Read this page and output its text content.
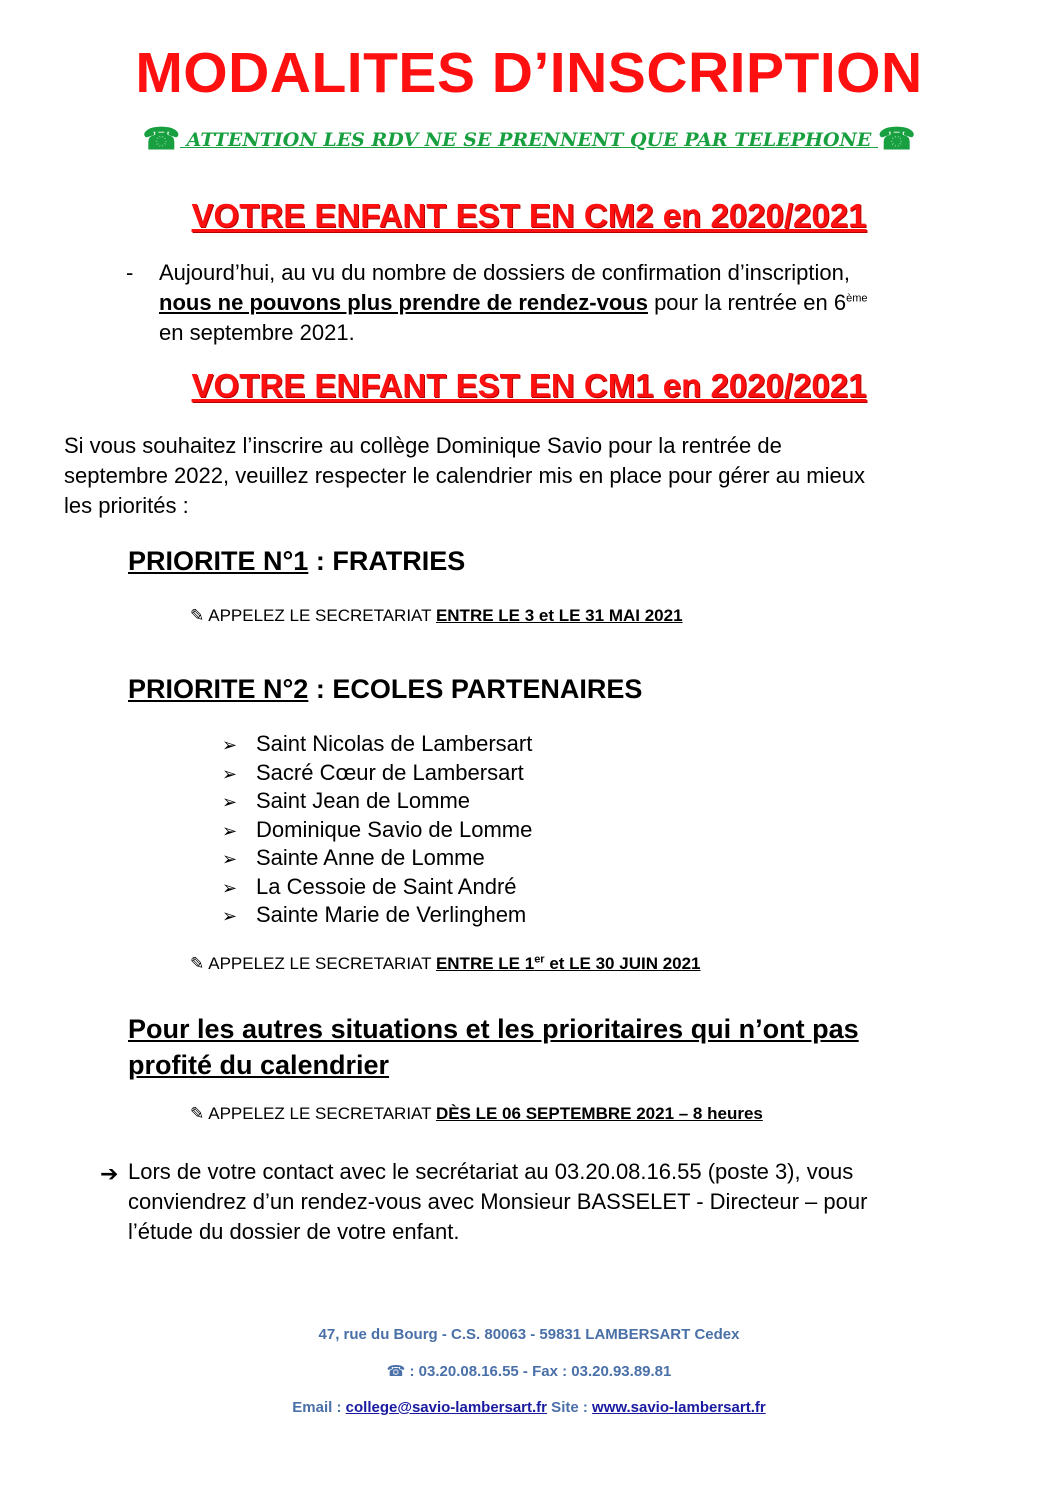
MODALITES D’INSCRIPTION
☎ ATTENTION LES RDV NE SE PRENNENT QUE PAR TELEPHONE ☎
VOTRE ENFANT EST EN CM2 en 2020/2021
- Aujourd’hui, au vu du nombre de dossiers de confirmation d’inscription,
nous ne pouvons plus prendre de rendez-vous pour la rentrée en 6ème
en septembre 2021.
VOTRE ENFANT EST EN CM1 en 2020/2021
Si vous souhaitez l’inscrire au collège Dominique Savio pour la rentrée de
septembre 2022, veuillez respecter le calendrier mis en place pour gérer au mieux
les priorités :
PRIORITE N°1 : FRATRIES
✎ APPELEZ LE SECRETARIAT ENTRE LE 3 et LE 31 MAI 2021
PRIORITE N°2 : ECOLES PARTENAIRES
➢ Saint Nicolas de Lambersart
➢ Sacré Cœur de Lambersart
➢ Saint Jean de Lomme
➢ Dominique Savio de Lomme
➢ Sainte Anne de Lomme
➢ La Cessoie de Saint André
➢ Sainte Marie de Verlinghem
✎ APPELEZ LE SECRETARIAT ENTRE LE 1er et LE 30 JUIN 2021
Pour les autres situations et les prioritaires qui n’ont pas
profité du calendrier
✎ APPELEZ LE SECRETARIAT DÈS LE 06 SEPTEMBRE 2021 – 8 heures
➔ Lors de votre contact avec le secrétariat au 03.20.08.16.55 (poste 3), vous
conviendrez d’un rendez-vous avec Monsieur BASSELET - Directeur – pour
l’étude du dossier de votre enfant.
47, rue du Bourg - C.S. 80063 - 59831 LAMBERSART Cedex
☎ : 03.20.08.16.55 - Fax : 03.20.93.89.81
Email : college@savio-lambersart.fr Site : www.savio-lambersart.fr
